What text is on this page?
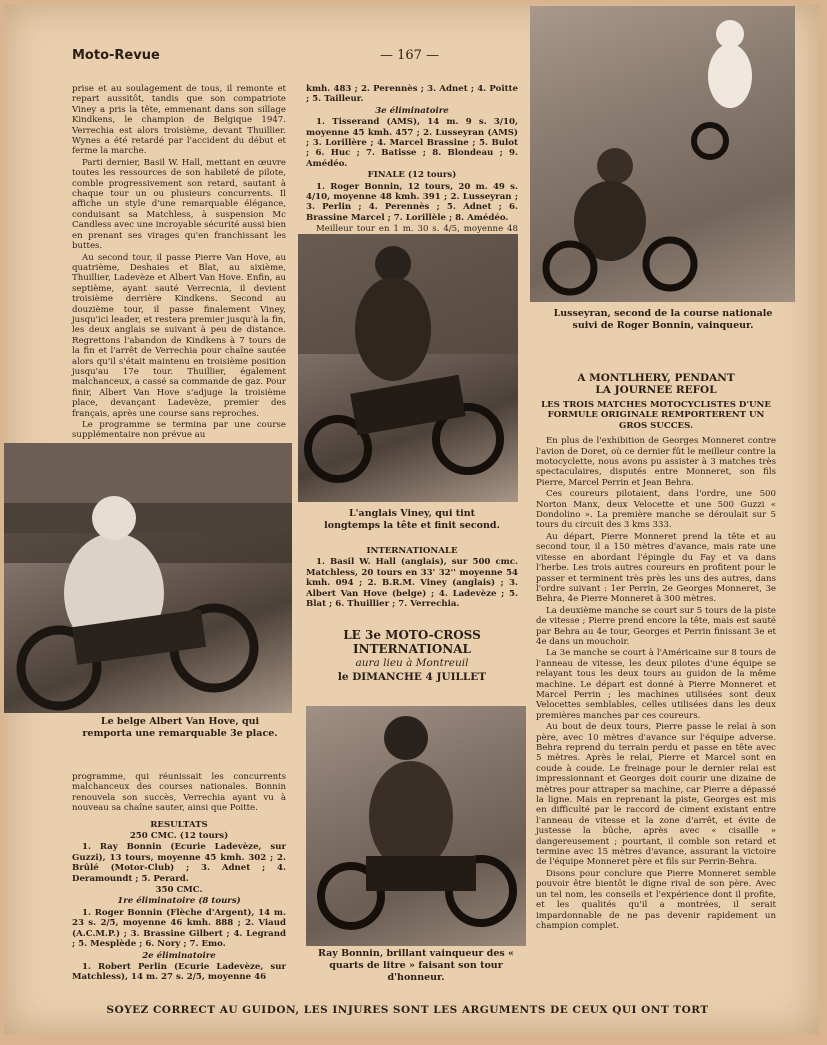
Moto-Revue	— 167 —

prise et au soulagement de tous, il remonte et repart aussitôt, tandis que son compatriote Viney a pris la tête, emmenant dans son sillage Kindkens, le champion de Belgique 1947. Verrechia est alors troisième, devant Thuillier. Wynes a été retardé par l'accident du début et ferme la marche.

Parti dernier, Basil W. Hall, mettant en œuvre toutes les ressources de son habileté de pilote, comble progressivement son retard, sautant à chaque tour un ou plusieurs concurrents. Il affiche un style d'une remarquable élégance, conduisant sa Matchless, à suspension Mc Candless avec une incroyable sécurité aussi bien en prenant ses virages qu'en franchissant les buttes.

Au second tour, il passe Pierre Van Hove, au quatrième, Deshaies et Blat, au sixième, Thuillier, Ladevèze et Albert Van Hove. Enfin, au septième, ayant sauté Verrecnia, il devient troisième derrière Kindkens. Second au douzième tour, il passe finalement Viney, jusqu'ici leader, et restera premier jusqu'à la fin, les deux anglais se suivant à peu de distance. Regrettons l'abandon de Kindkens à 7 tours de la fin et l'arrêt de Verrechia pour chaîne sautée alors qu'il s'était maintenu en troisième position jusqu'au 17e tour. Thuillier, également malchanceux, a cassé sa commande de gaz. Pour finir, Albert Van Hove s'adjuge la troisième place, devançant Ladevèze, premier des français, après une course sans reproches.

Le programme se termina par une course supplémentaire non prévue au

Le belge Albert Van Hove, qui remporta une remarquable 3e place.

programme, qui réunissait les concurrents malchanceux des courses nationales. Bonnin renouvela son succès, Verrechia ayant vu à nouveau sa chaîne sauter, ainsi que Poitte.

RESULTATS

250 CMC. (12 tours)

1. Ray Bonnin (Ecurie Ladevèze, sur Guzzi), 13 tours, moyenne 45 kmh. 302 ; 2. Brûlé (Motor-Club) ; 3. Adnet ; 4. Deramoundt ; 5. Perard.

350 CMC.

1re éliminatoire (8 tours)

1. Roger Bonnin (Flèche d'Argent), 14 m. 23 s. 2/5, moyenne 46 kmh. 888 ; 2. Viaud (A.C.M.P.) ; 3. Brassine Gilbert ; 4. Legrand ; 5. Mesplède ; 6. Nory ; 7. Emo.

2e éliminatoire

1. Robert Perlin (Ecurie Ladevèze, sur Matchless), 14 m. 27 s. 2/5, moyenne 46

kmh. 483 ; 2. Perennès ; 3. Adnet ; 4. Poitte ; 5. Tailleur.

3e éliminatoire

1. Tisserand (AMS), 14 m. 9 s. 3/10, moyenne 45 kmh. 457 ; 2. Lusseyran (AMS) ; 3. Lorillère ; 4. Marcel Brassine ; 5. Bulot ; 6. Huc ; 7. Batisse ; 8. Blondeau ; 9. Amédéo.

FINALE (12 tours)

1. Roger Bonnin, 12 tours, 20 m. 49 s. 4/10, moyenne 48 kmh. 391 ; 2. Lusseyran ; 3. Perlin ; 4. Perennès ; 5. Adnet ; 6. Brassine Marcel ; 7. Lorillèle ; 8. Amédéo.

Meilleur tour en 1 m. 30 s. 4/5, moyenne 48

L'anglais Viney, qui tint longtemps la tête et finit second.

INTERNATIONALE

1. Basil W. Hall (anglais), sur 500 cmc. Matchless, 20 tours en 33' 32'' moyenne 54 kmh. 094 ; 2. B.R.M. Viney (anglais) ; 3. Albert Van Hove (belge) ; 4. Ladevèze ; 5. Blat ; 6. Thuillier ; 7. Verrechia.

LE 3e MOTO-CROSS

INTERNATIONAL

aura lieu à Montreuil

le DIMANCHE 4 JUILLET

Ray Bonnin, brillant vainqueur des « quarts de litre » faisant son tour d'honneur.

Lusseyran, second de la course nationale suivi de Roger Bonnin, vainqueur.

A MONTLHERY, PENDANT

LA JOURNEE REFOL

LES TROIS MATCHES MOTOCYCLISTES D'UNE FORMULE ORIGINALE REMPORTERENT UN GROS SUCCES.

En plus de l'exhibition de Georges Monneret contre l'avion de Doret, où ce dernier fût le meilleur contre la motocyclette, nous avons pu assister à 3 matches très spectaculaires, disputés entre Monneret, son fils Pierre, Marcel Perrin et Jean Behra.

Ces coureurs pilotaient, dans l'ordre, une 500 Norton Manx, deux Velocette et une 500 Guzzi « Dondolino ». La première manche se déroulait sur 5 tours du circuit des 3 kms 333.

Au départ, Pierre Monneret prend la tête et au second tour, il a 150 mètres d'avance, mais rate une vitesse en abordant l'épingle du Fay et va dans l'herbe. Les trois autres coureurs en profitent pour le passer et terminent très près les uns des autres, dans l'ordre suivant : 1er Perrin, 2e Georges Monneret, 3e Behra, 4e Pierre Monneret à 300 mètres.

La deuxième manche se court sur 5 tours de la piste de vitesse ; Pierre prend encore la tête, mais est sauté par Behra au 4e tour, Georges et Perrin finissant 3e et 4e dans un mouchoir.

La 3e manche se court à l'Américaine sur 8 tours de l'anneau de vitesse, les deux pilotes d'une équipe se relayant tous les deux tours au guidon de la même machine. Le départ est donné à Pierre Monneret et Marcel Perrin ; les machines utilisées sont deux Velocettes semblables, celles utilisées dans les deux premières manches par ces coureurs.

Au bout de deux tours, Pierre passe le relai à son père, avec 10 mètres d'avance sur l'équipe adverse. Behra reprend du terrain perdu et passe en tête avec 5 mètres. Après le relai, Pierre et Marcel sont en coude à coude. Le freinage pour le dernier relai est impressionnant et Georges doit courir une dizaine de mètres pour attraper sa machine, car Pierre a dépassé la ligne. Mais en reprenant la piste, Georges est mis en difficulté par le raccord de ciment existant entre l'anneau de vitesse et la zone d'arrêt, et évite de justesse la bûche, après avec « cisaille » dangereusement ; pourtant, il comble son retard et termine avec 15 mètres d'avance, assurant la victoire de l'équipe Monneret père et fils sur Perrin-Behra.

Disons pour conclure que Pierre Monneret semble pouvoir être bientôt le digne rival de son père. Avec un tel nom, les conseils et l'expérience dont il profite, et les qualités qu'il a montrées, il serait impardonnable de ne pas devenir rapidement un champion complet.

SOYEZ CORRECT AU GUIDON, LES INJURES SONT LES ARGUMENTS DE CEUX QUI ONT TORT
